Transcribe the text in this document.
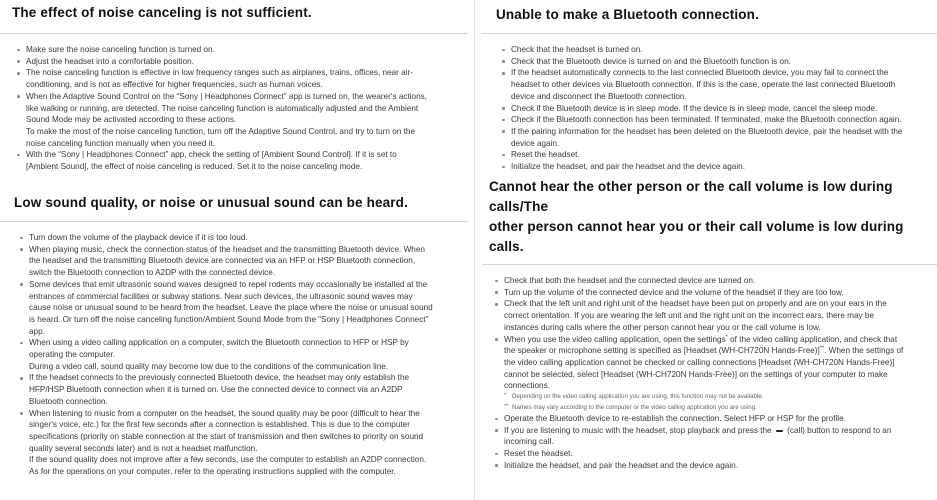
The effect of noise canceling is not sufficient.
Make sure the noise canceling function is turned on.
Adjust the headset into a comfortable position.
The noise canceling function is effective in low frequency ranges such as airplanes, trains, offices, near air-
conditioning, and is not as effective for higher frequencies, such as human voices.
When the Adaptive Sound Control on the “Sony | Headphones Connect” app is turned on, the wearer's actions,
like walking or running, are detected. The noise canceling function is automatically adjusted and the Ambient
Sound Mode may be activated according to these actions.
To make the most of the noise canceling function, turn off the Adaptive Sound Control, and try to turn on the
noise canceling function manually when you need it.
With the “Sony | Headphones Connect” app, check the setting of [Ambient Sound Control]. If it is set to
[Ambient Sound], the effect of noise canceling is reduced. Set it to the noise canceling mode.
Low sound quality, or noise or unusual sound can be heard.
Turn down the volume of the playback device if it is too loud.
When playing music, check the connection status of the headset and the transmitting Bluetooth device. When
the headset and the transmitting Bluetooth device are connected via an HFP or HSP Bluetooth connection,
switch the Bluetooth connection to A2DP with the connected device.
Some devices that emit ultrasonic sound waves designed to repel rodents may occasionally be installed at the
entrances of commercial facilities or subway stations. Near such devices, the ultrasonic sound waves may
cause noise or unusual sound to be heard from the headset. Leave the place where the noise or unusual sound
is heard. Or turn off the noise canceling function/Ambient Sound Mode from the “Sony | Headphones Connect”
app.
When using a video calling application on a computer, switch the Bluetooth connection to HFP or HSP by
operating the computer.
During a video call, sound quality may become low due to the conditions of the communication line.
If the headset connects to the previously connected Bluetooth device, the headset may only establish the
HFP/HSP Bluetooth connection when it is turned on. Use the connected device to connect via an A2DP
Bluetooth connection.
When listening to music from a computer on the headset, the sound quality may be poor (difficult to hear the
singer's voice, etc.) for the first few seconds after a connection is established. This is due to the computer
specifications (priority on stable connection at the start of transmission and then switches to priority on sound
quality several seconds later) and is not a headset malfunction.
If the sound quality does not improve after a few seconds, use the computer to establish an A2DP connection.
As for the operations on your computer, refer to the operating instructions supplied with the computer.
Unable to make a Bluetooth connection.
Check that the headset is turned on.
Check that the Bluetooth device is turned on and the Bluetooth function is on.
If the headset automatically connects to the last connected Bluetooth device, you may fail to connect the
headset to other devices via Bluetooth connection. If this is the case, operate the last connected Bluetooth
device and disconnect the Bluetooth connection.
Check if the Bluetooth device is in sleep mode. If the device is in sleep mode, cancel the sleep mode.
Check if the Bluetooth connection has been terminated. If terminated, make the Bluetooth connection again.
If the pairing information for the headset has been deleted on the Bluetooth device, pair the headset with the
device again.
Reset the headset.
Initialize the headset, and pair the headset and the device again.
Cannot hear the other person or the call volume is low during calls/The
other person cannot hear you or their call volume is low during calls.
Check that both the headset and the connected device are turned on.
Turn up the volume of the connected device and the volume of the headset if they are too low.
Check that the left unit and right unit of the headset have been put on properly and are on your ears in the
correct orientation. If you are wearing the left unit and the right unit on the incorrect ears, there may be
instances during calls where the other person cannot hear you or the call volume is low.
When you use the video calling application, open the settings* of the video calling application, and check that
the speaker or microphone setting is specified as [Headset (WH-CH720N Hands-Free)]**. When the settings of
the video calling application cannot be checked or calling connections [Headset (WH-CH720N Hands-Free)]
cannot be selected, select [Headset (WH-CH720N Hands-Free)] on the settings of your computer to make
connections.
* Depending on the video calling application you are using, this function may not be available.
** Names may vary according to the computer or the video calling application you are using.
Operate the Bluetooth device to re-establish the connection. Select HFP or HSP for the profile.
If you are listening to music with the headset, stop playback and press the  (call) button to respond to an
incoming call.
Reset the headset.
Initialize the headset, and pair the headset and the device again.
